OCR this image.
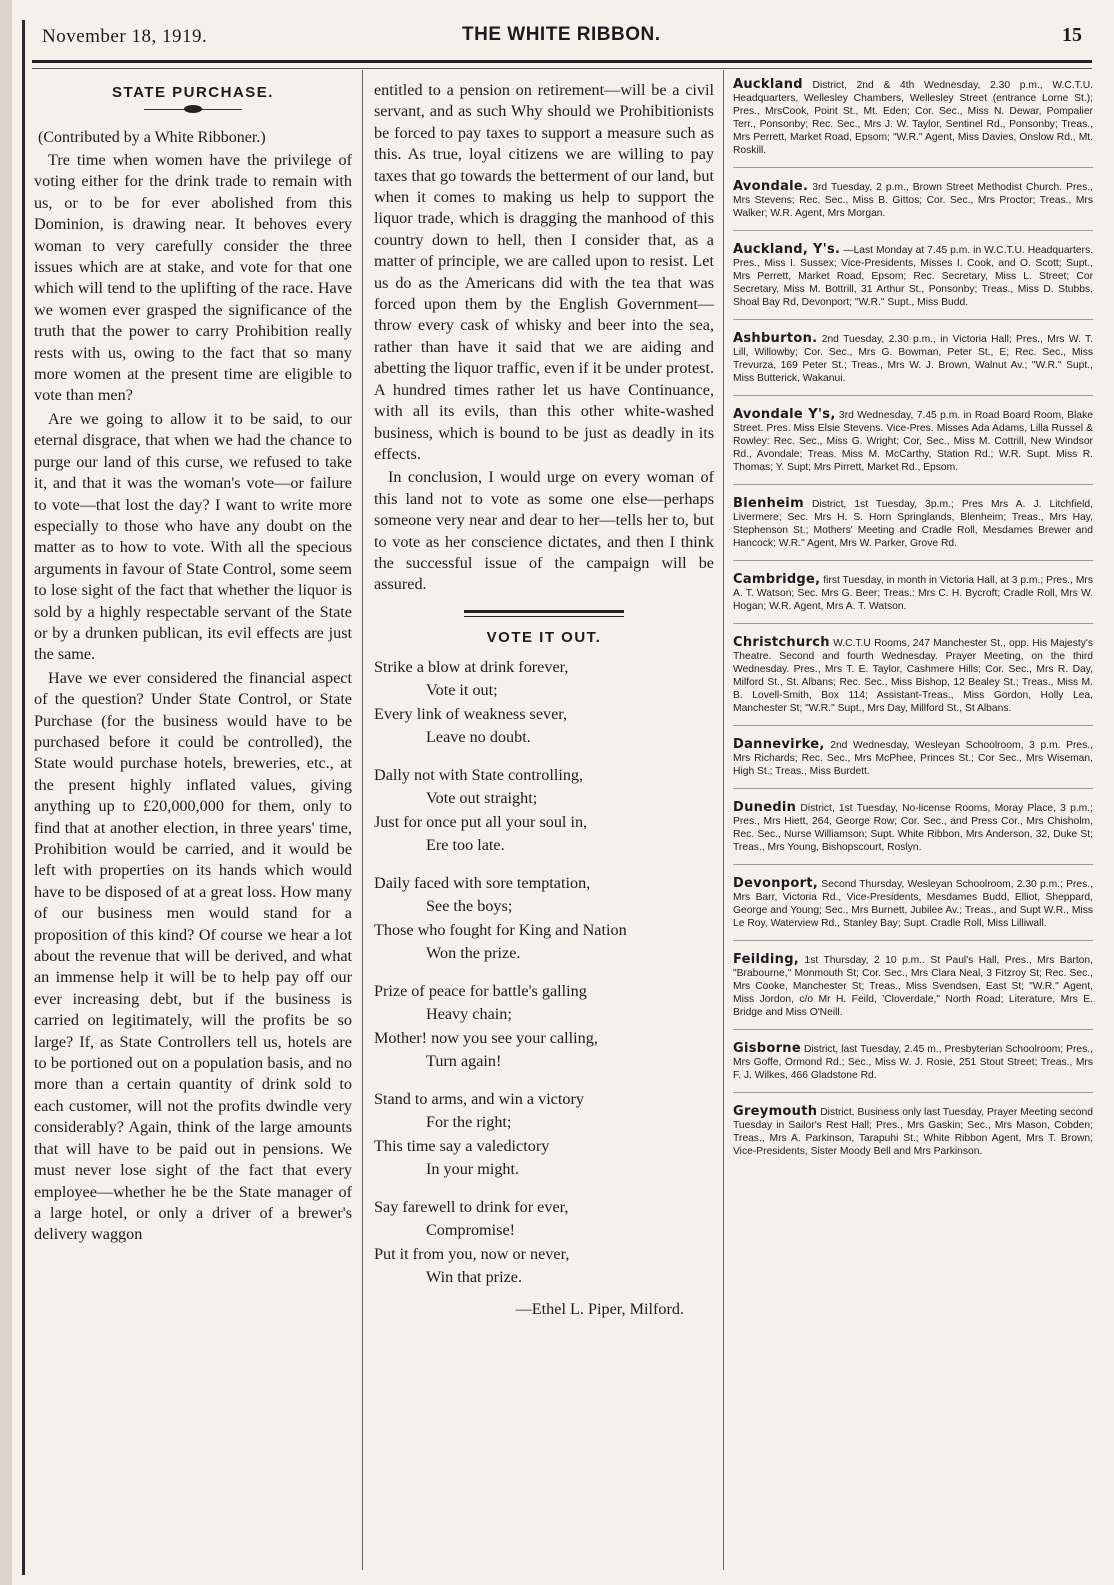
November 18, 1919.	THE WHITE RIBBON.	15
STATE PURCHASE.

(Contributed by a White Ribboner.)

Tre time when women have the privilege of voting either for the drink trade to remain with us, or to be for ever abolished from this Dominion, is drawing near. It behoves every woman to very carefully consider the three issues which are at stake, and vote for that one which will tend to the uplifting of the race. Have we women ever grasped the significance of the truth that the power to carry Prohibition really rests with us, owing to the fact that so many more women at the present time are eligible to vote than men?

Are we going to allow it to be said, to our eternal disgrace, that when we had the chance to purge our land of this curse, we refused to take it, and that it was the woman's vote—or failure to vote—that lost the day? I want to write more especially to those who have any doubt on the matter as to how to vote. With all the specious arguments in favour of State Control, some seem to lose sight of the fact that whether the liquor is sold by a highly respectable servant of the State or by a drunken publican, its evil effects are just the same.

Have we ever considered the financial aspect of the question? Under State Control, or State Purchase (for the business would have to be purchased before it could be controlled), the State would purchase hotels, breweries, etc., at the present highly inflated values, giving anything up to £20,000,000 for them, only to find that at another election, in three years' time, Prohibition would be carried, and it would be left with properties on its hands which would have to be disposed of at a great loss. How many of our business men would stand for a proposition of this kind? Of course we hear a lot about the revenue that will be derived, and what an immense help it will be to help pay off our ever increasing debt, but if the business is carried on legitimately, will the profits be so large? If, as State Controllers tell us, hotels are to be portioned out on a population basis, and no more than a certain quantity of drink sold to each customer, will not the profits dwindle very considerably? Again, think of the large amounts that will have to be paid out in pensions. We must never lose sight of the fact that every employee—whether he be the State manager of a large hotel, or only a driver of a brewer's delivery waggon

entitled to a pension on retirement—will be a civil servant, and as such Why should we Prohibitionists be forced to pay taxes to support a measure such as this. As true, loyal citizens we are willing to pay taxes that go towards the betterment of our land, but when it comes to making us help to support the liquor trade, which is dragging the manhood of this country down to hell, then I consider that, as a matter of principle, we are called upon to resist. Let us do as the Americans did with the tea that was forced upon them by the English Government—throw every cask of whisky and beer into the sea, rather than have it said that we are aiding and abetting the liquor traffic, even if it be under protest. A hundred times rather let us have Continuance, with all its evils, than this other white-washed business, which is bound to be just as deadly in its effects.

In conclusion, I would urge on every woman of this land not to vote as some one else—perhaps someone very near and dear to her—tells her to, but to vote as her conscience dictates, and then I think the successful issue of the campaign will be assured.

VOTE IT OUT.
Strike a blow at drink forever,
Vote it out;
Every link of weakness sever,
Leave no doubt.
Dally not with State controlling,
Vote out straight;
Just for once put all your soul in,
Ere too late.
Daily faced with sore temptation,
See the boys;
Those who fought for King and Nation
Won the prize.
Prize of peace for battle's galling
Heavy chain;
Mother! now you see your calling,
Turn again!
Stand to arms, and win a victory
For the right;
This time say a valedictory
In your might.
Say farewell to drink for ever,
Compromise!
Put it from you, now or never,
Win that prize.
—Ethel L. Piper, Milford.
Auckland District, 2nd & 4th Wednesday, 2.30 p.m., W.C.T.U. Headquarters, Wellesley Chambers, Wellesley Street (entrance Lorne St.); Pres., MrsCook, Point St., Mt. Eden; Cor. Sec., Miss N. Dewar, Pompalier Terr., Ponsonby; Rec. Sec., Mrs J. W. Taylor, Sentinel Rd., Ponsonby; Treas., Mrs Perrett, Market Road, Epsom; "W.R." Agent, Miss Davies, Onslow Rd., Mt. Roskill.
Avondale. 3rd Tuesday, 2 p.m., Brown Street Methodist Church. Pres., Mrs Stevens; Rec. Sec., Miss B. Gittos; Cor. Sec., Mrs Proctor; Treas., Mrs Walker; W.R. Agent, Mrs Morgan.
Auckland, Y's. —Last Monday at 7.45 p.m. in W.C.T.U. Headquarters. Pres., Miss I. Sussex; Vice-Presidents, Misses I. Cook, and O. Scott; Supt., Mrs Perrett, Market Road, Epsom; Rec. Secretary, Miss L. Street; Cor Secretary, Miss M. Bottrill, 31 Arthur St., Ponsonby; Treas., Miss D. Stubbs, Shoal Bay Rd, Devonport; "W.R." Supt., Miss Budd.
Ashburton. 2nd Tuesday, 2.30 p.m., in Victoria Hall; Pres., Mrs W. T. Lill, Willowby; Cor. Sec., Mrs G. Bowman, Peter St., E; Rec. Sec., Miss Trevurza, 169 Peter St.; Treas., Mrs W. J. Brown, Walnut Av.; "W.R." Supt., Miss Butterick, Wakanui.
Avondale Y's, 3rd Wednesday, 7.45 p.m. in Road Board Room, Blake Street. Pres. Miss Elsie Stevens. Vice-Pres. Misses Ada Adams, Lilla Russel & Rowley: Rec. Sec., Miss G. Wright; Cor, Sec., Miss M. Cottrill, New Windsor Rd., Avondale; Treas. Miss M. McCarthy, Station Rd.; W.R. Supt. Miss R. Thomas; Y. Supt; Mrs Pirrett, Market Rd., Epsom.
Blenheim District, 1st Tuesday, 3p.m.; Pres Mrs A. J. Litchfield, Livermere; Sec. Mrs H. S. Horn Springlands, Blenheim; Treas., Mrs Hay, Stephenson St.; Mothers' Meeting and Cradle Roll, Mesdames Brewer and Hancock; W.R." Agent, Mrs W. Parker, Grove Rd.
Cambridge, first Tuesday, in month in Victoria Hall, at 3 p.m.; Pres., Mrs A. T. Watson; Sec. Mrs G. Beer; Treas.: Mrs C. H. Bycroft; Cradle Roll, Mrs W. Hogan; W.R. Agent, Mrs A. T. Watson.
Christchurch W.C.T.U Rooms, 247 Manchester St., opp. His Majesty's Theatre. Second and fourth Wednesday. Prayer Meeting, on the third Wednesday. Pres., Mrs T. E. Taylor, Cashmere Hills; Cor. Sec., Mrs R. Day, Milford St., St. Albans; Rec. Sec., Miss Bishop, 12 Bealey St.; Treas., Miss M. B. Lovell-Smith, Box 114; Assistant-Treas., Miss Gordon, Holly Lea, Manchester St; "W.R." Supt., Mrs Day, Millford St., St Albans.
Dannevirke, 2nd Wednesday, Wesleyan Schoolroom, 3 p.m. Pres., Mrs Richards; Rec. Sec., Mrs McPhee, Princes St.; Cor Sec., Mrs Wiseman, High St.; Treas., Miss Burdett.
Dunedin District, 1st Tuesday, No-license Rooms, Moray Place, 3 p.m.; Pres., Mrs Hiett, 264, George Row; Cor. Sec., and Press Cor., Mrs Chisholm, Rec. Sec., Nurse Williamson; Supt. White Ribbon, Mrs Anderson, 32, Duke St; Treas., Mrs Young, Bishopscourt, Roslyn.
Devonport, Second Thursday, Wesleyan Schoolroom, 2.30 p.m.; Pres., Mrs Barr, Victoria Rd., Vice-Presidents, Mesdames Budd, Elliot, Sheppard, George and Young; Sec., Mrs Burnett, Jubilee Av.; Treas., and Supt W.R., Miss Le Roy, Waterview Rd., Stanley Bay; Supt. Cradle Roll, Miss Lilliwall.
Feilding, 1st Thursday, 2 10 p.m.. St Paul's Hall, Pres., Mrs Barton, "Brabourne," Monmouth St; Cor. Sec., Mrs Clara Neal, 3 Fitzroy St; Rec. Sec., Mrs Cooke, Manchester St; Treas., Miss Svendsen, East St; "W.R." Agent, Miss Jordon, c/o Mr H. Feild, 'Cloverdale," North Road; Literature, Mrs E. Bridge and Miss O'Neill.
Gisborne District, last Tuesday, 2.45 m., Presbyterian Schoolroom; Pres., Mrs Goffe, Ormond Rd.; Sec., Miss W. J. Rosie, 251 Stout Street; Treas., Mrs F. J. Wilkes, 466 Gladstone Rd.
Greymouth District, Business only last Tuesday, Prayer Meeting second Tuesday in Sailor's Rest Hall; Pres., Mrs Gaskin; Sec., Mrs Mason, Cobden; Treas., Mrs A. Parkinson, Tarapuhi St.; White Ribbon Agent, Mrs T. Brown; Vice-Presidents, Sister Moody Bell and Mrs Parkinson.
